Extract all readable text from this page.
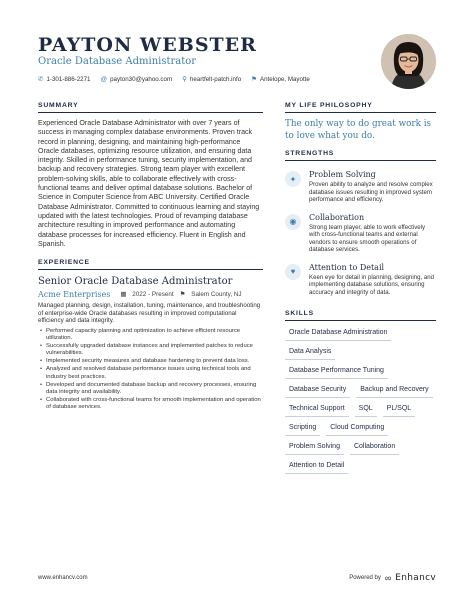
PAYTON WEBSTER
Oracle Database Administrator
✆ 1-301-886-2271 @ payton30@yahoo.com ⚲ heartfelt-patch.info ⚑ Antelope, Mayotte
SUMMARY

Experienced Oracle Database Administrator with over 7 years of success in managing complex database environments. Proven track record in planning, designing, and maintaining high-performance Oracle databases, optimizing resource utilization, and ensuring data integrity. Skilled in performance tuning, security implementation, and backup and recovery strategies. Strong team player with excellent problem-solving skills, able to collaborate effectively with cross-functional teams and deliver optimal database solutions. Bachelor of Science in Computer Science from ABC University. Certified Oracle Database Administrator. Committed to continuous learning and staying updated with the latest technologies. Proud of revamping database architecture resulting in improved performance and automating database processes for increased efficiency. Fluent in English and Spanish.

EXPERIENCE
Senior Oracle Database Administrator
Acme Enterprises ▦ 2022 - Present ⚑ Salem County, NJ

Managed planning, design, installation, tuning, maintenance, and troubleshooting of enterprise-wide Oracle databases resulting in improved computational efficiency and data integrity.

• Performed capacity planning and optimization to achieve efficient resource utilization.
• Successfully upgraded database instances and implemented patches to reduce vulnerabilities.
• Implemented security measures and database hardening to prevent data loss.
• Analyzed and resolved database performance issues using technical tools and industry best practices.
• Developed and documented database backup and recovery processes, ensuring data integrity and availability.
• Collaborated with cross-functional teams for smooth implementation and operation of database services.
MY LIFE PHILOSOPHY

The only way to do great work is to love what you do.

STRENGTHS
✦	Problem Solving
Proven ability to analyze and resolve complex database issues resulting in improved system performance and efficiency.
◉	Collaboration
Strong team player, able to work effectively with cross-functional teams and external vendors to ensure smooth operations of database services.
♥	Attention to Detail
Keen eye for detail in planning, designing, and implementing database solutions, ensuring accuracy and integrity of data.
SKILLS
Oracle Database Administration
Data Analysis
Database Performance Tuning
Database Security	Backup and Recovery
Technical Support	SQL	PL/SQL
Scripting	Cloud Computing
Problem Solving	Collaboration
Attention to Detail
www.enhancv.com	Powered by ∞ Enhancv
